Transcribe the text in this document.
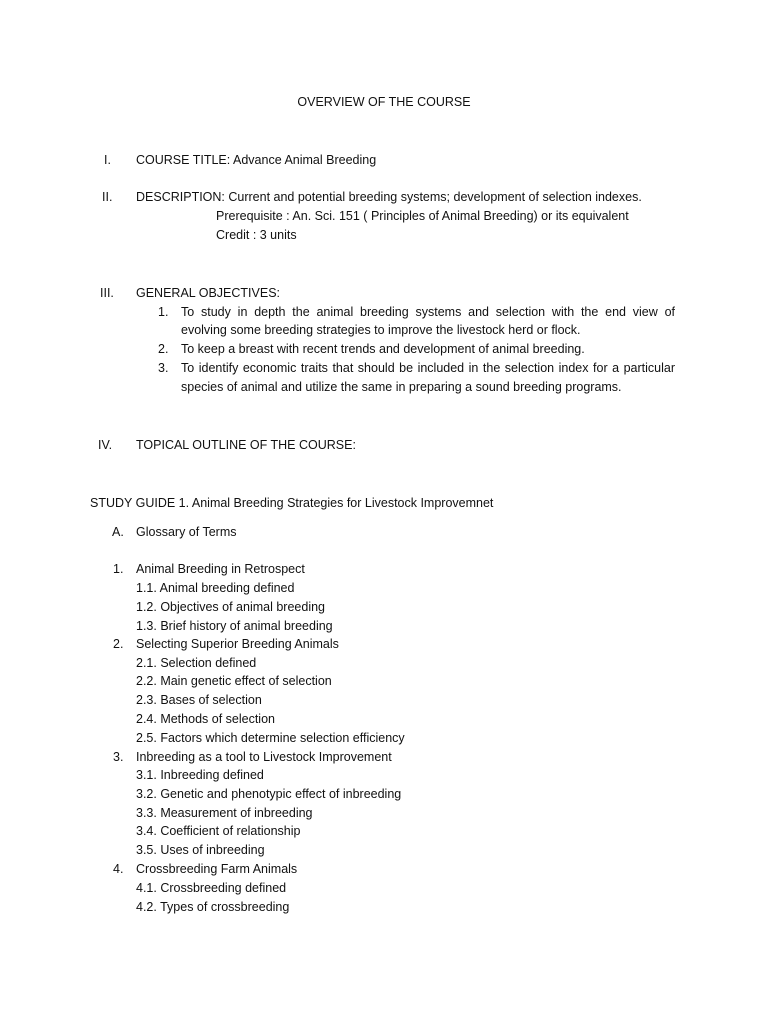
OVERVIEW OF THE COURSE
I. COURSE TITLE: Advance Animal Breeding
II. DESCRIPTION: Current and potential breeding systems; development of selection indexes.
Prerequisite : An. Sci. 151 ( Principles of Animal Breeding) or its equivalent
Credit : 3 units
III. GENERAL OBJECTIVES:
1. To study in depth the animal breeding systems and selection with the end view of
evolving some breeding strategies to improve the livestock herd or flock.
2. To keep a breast with recent trends and development of animal breeding.
3. To identify economic traits that should be included in the selection index for a particular
species of animal and utilize the same in preparing a sound breeding programs.
IV. TOPICAL OUTLINE OF THE COURSE:
STUDY GUIDE 1. Animal Breeding Strategies for Livestock Improvemnet
A. Glossary of Terms
1. Animal Breeding in Retrospect
1.1. Animal breeding defined
1.2. Objectives of animal breeding
1.3. Brief history of animal breeding
2. Selecting Superior Breeding Animals
2.1. Selection defined
2.2. Main genetic effect of selection
2.3. Bases of selection
2.4. Methods of selection
2.5. Factors which determine selection efficiency
3. Inbreeding as a tool to Livestock Improvement
3.1. Inbreeding defined
3.2. Genetic and phenotypic effect of inbreeding
3.3. Measurement of inbreeding
3.4. Coefficient of relationship
3.5. Uses of inbreeding
4. Crossbreeding Farm Animals
4.1. Crossbreeding defined
4.2. Types of crossbreeding
